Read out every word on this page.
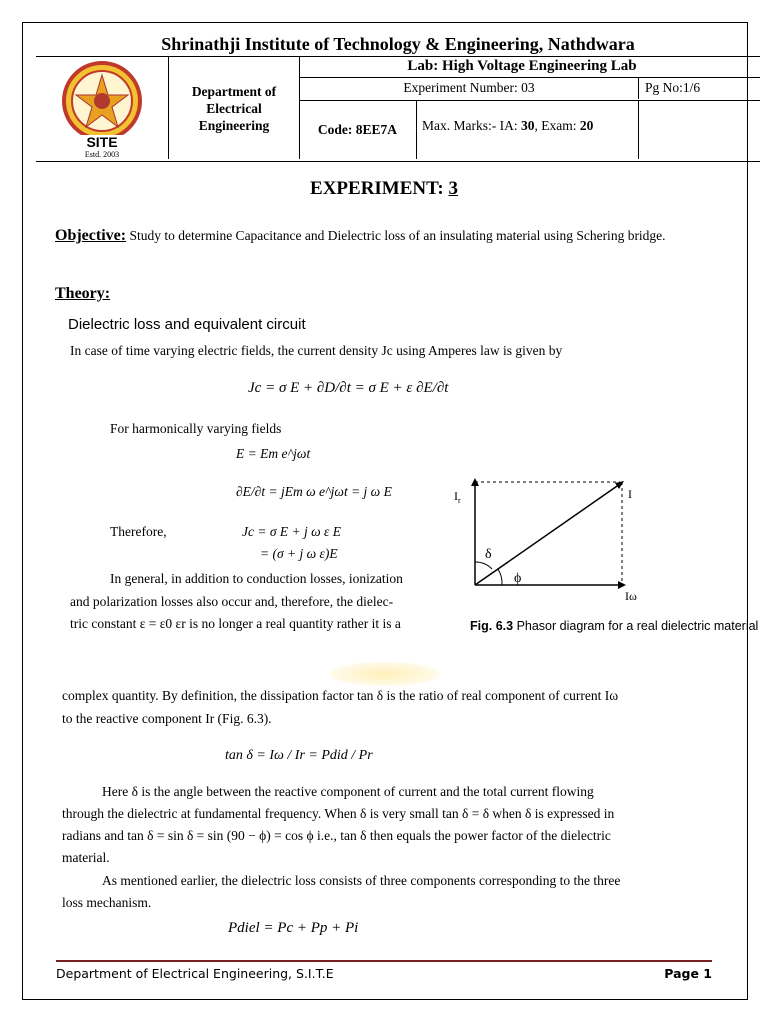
Shrinathji Institute of Technology & Engineering, Nathdwara
SITE
Estd. 2003
Department of Electrical Engineering
Lab: High Voltage Engineering Lab
Experiment Number: 03	Pg No:1/6
Code: 8EE7A	Max. Marks:- IA: 30, Exam: 20
EXPERIMENT: 3
Objective: Study to determine Capacitance and Dielectric loss of an insulating material using Schering bridge.
Theory:
Dielectric loss and equivalent circuit
In case of time varying electric fields, the current density Jc using Amperes law is given by
Jc = σ E + ∂D/∂t = σ E + ε ∂E/∂t
For harmonically varying fields
E = Em e^jωt
∂E/∂t = jEm ω e^jωt = j ω E
Therefore,	Jc = σ E + j ω ε E
= (σ + j ω ε)E
In general, in addition to conduction losses, ionization
and polarization losses also occur and, therefore, the dielec-
tric constant ε = ε0 εr is no longer a real quantity rather it is a
$I_r$	I
Iω
δ
ϕ
Fig. 6.3 Phasor diagram for a real dielectric material
complex quantity. By definition, the dissipation factor tan δ is the ratio of real component of current Iω
to the reactive component Ir (Fig. 6.3).
tan δ = Iω / Ir = Pdid / Pr
Here δ is the angle between the reactive component of current and the total current flowing
through the dielectric at fundamental frequency. When δ is very small tan δ = δ when δ is expressed in
radians and tan δ = sin δ = sin (90 − ϕ) = cos ϕ i.e., tan δ then equals the power factor of the dielectric
material.
As mentioned earlier, the dielectric loss consists of three components corresponding to the three
loss mechanism.
Pdiel = Pc + Pp + Pi
Department of Electrical Engineering, S.I.T.E	Page 1
